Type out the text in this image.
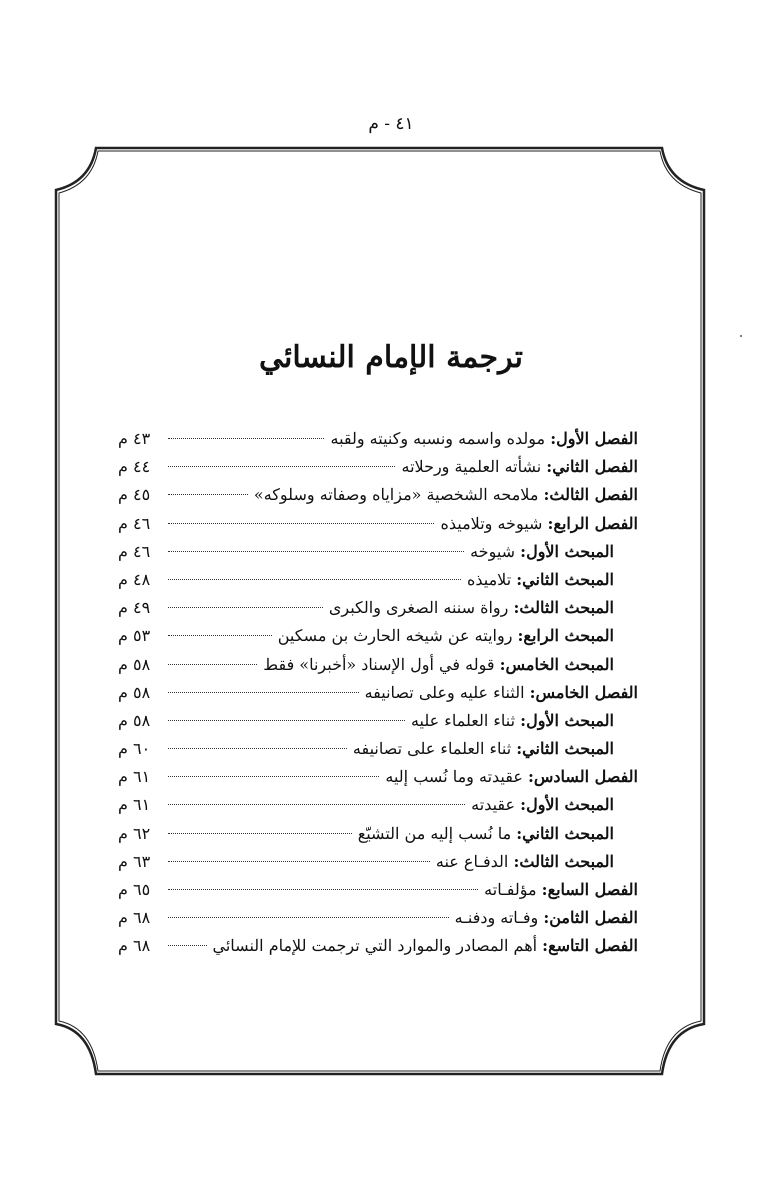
٤١ - م
ترجمة الإمام النسائي
الفصل الأول: مولده واسمه ونسبه وكنيته ولقبه
٤٣ م
الفصل الثاني: نشأته العلمية ورحلاته
٤٤ م
الفصل الثالث: ملامحه الشخصية «مزاياه وصفاته وسلوكه»
٤٥ م
الفصل الرابع: شيوخه وتلاميذه
٤٦ م
المبحث الأول: شيوخه
٤٦ م
المبحث الثاني: تلاميذه
٤٨ م
المبحث الثالث: رواة سننه الصغرى والكبرى
٤٩ م
المبحث الرابع: روايته عن شيخه الحارث بن مسكين
٥٣ م
المبحث الخامس: قوله في أول الإسناد «أخبرنا» فقط
٥٨ م
الفصل الخامس: الثناء عليه وعلى تصانيفه
٥٨ م
المبحث الأول: ثناء العلماء عليه
٥٨ م
المبحث الثاني: ثناء العلماء على تصانيفه
٦٠ م
الفصل السادس: عقيدته وما نُسب إليه
٦١ م
المبحث الأول: عقيدته
٦١ م
المبحث الثاني: ما نُسب إليه من التشيّع
٦٢ م
المبحث الثالث: الدفـاع عنه
٦٣ م
الفصل السابع: مؤلفـاته
٦٥ م
الفصل الثامن: وفـاته ودفنـه
٦٨ م
الفصل التاسع: أهم المصادر والموارد التي ترجمت للإمام النسائي
٦٨ م
